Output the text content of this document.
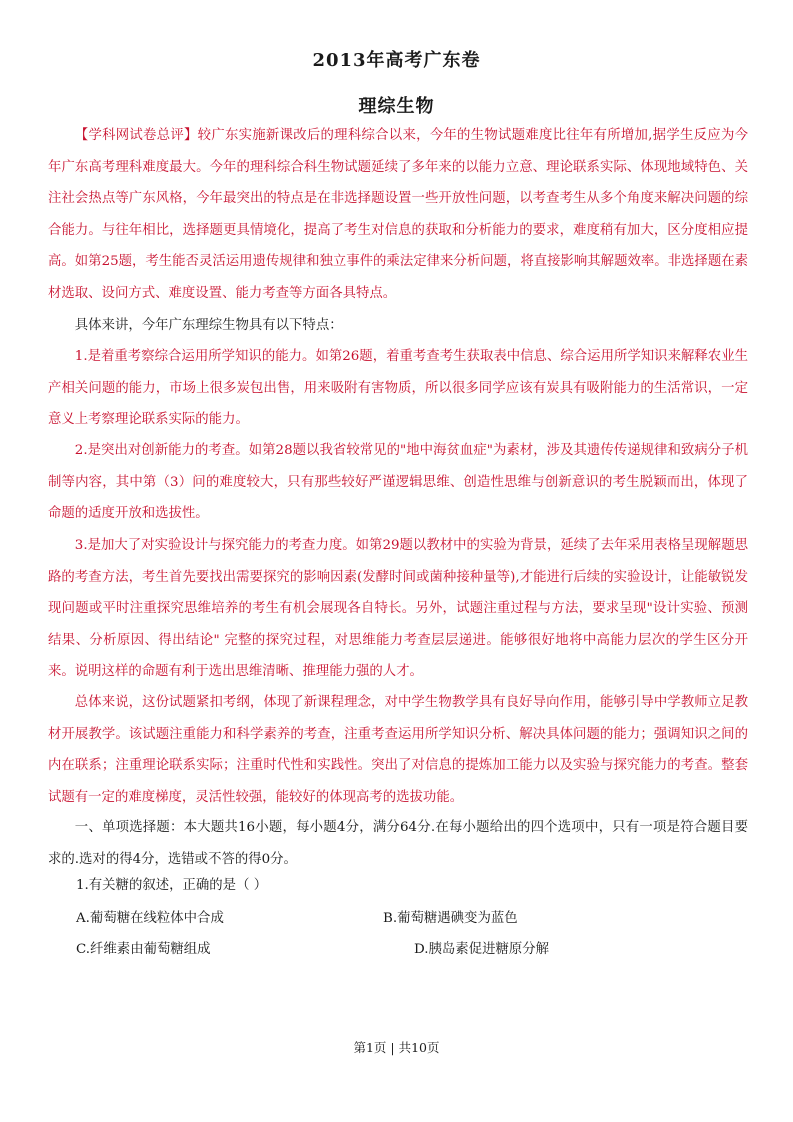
2013年高考广东卷
理综生物
【学科网试卷总评】较广东实施新课改后的理科综合以来，今年的生物试题难度比往年有所增加,据学生反应为今年广东高考理科难度最大。今年的理科综合科生物试题延续了多年来的以能力立意、理论联系实际、体现地域特色、关注社会热点等广东风格，今年最突出的特点是在非选择题设置一些开放性问题，以考查考生从多个角度来解决问题的综合能力。与往年相比，选择题更具情境化，提高了考生对信息的获取和分析能力的要求，难度稍有加大，区分度相应提高。如第25题，考生能否灵活运用遗传规律和独立事件的乘法定律来分析问题，将直接影响其解题效率。非选择题在素材选取、设问方式、难度设置、能力考查等方面各具特点。
具体来讲，今年广东理综生物具有以下特点：
1.是着重考察综合运用所学知识的能力。如第26题，着重考查考生获取表中信息、综合运用所学知识来解释农业生产相关问题的能力，市场上很多炭包出售，用来吸附有害物质，所以很多同学应该有炭具有吸附能力的生活常识，一定意义上考察理论联系实际的能力。
2.是突出对创新能力的考查。如第28题以我省较常见的"地中海贫血症"为素材，涉及其遗传传递规律和致病分子机制等内容，其中第（3）问的难度较大，只有那些较好严谨逻辑思维、创造性思维与创新意识的考生脱颖而出，体现了命题的适度开放和选拔性。
3.是加大了对实验设计与探究能力的考查力度。如第29题以教材中的实验为背景，延续了去年采用表格呈现解题思路的考查方法，考生首先要找出需要探究的影响因素(发酵时间或菌种接种量等),才能进行后续的实验设计，让能敏锐发现问题或平时注重探究思维培养的考生有机会展现各自特长。另外，试题注重过程与方法，要求呈现"设计实验、预测结果、分析原因、得出结论" 完整的探究过程，对思维能力考查层层递进。能够很好地将中高能力层次的学生区分开来。说明这样的命题有利于选出思维清晰、推理能力强的人才。
总体来说，这份试题紧扣考纲，体现了新课程理念，对中学生物教学具有良好导向作用，能够引导中学教师立足教材开展教学。该试题注重能力和科学素养的考查，注重考查运用所学知识分析、解决具体问题的能力；强调知识之间的内在联系；注重理论联系实际；注重时代性和实践性。突出了对信息的提炼加工能力以及实验与探究能力的考查。整套试题有一定的难度梯度，灵活性较强，能较好的体现高考的选拔功能。
一、单项选择题：本大题共16小题，每小题4分，满分64分.在每小题给出的四个选项中，只有一项是符合题目要求的.选对的得4分，选错或不答的得0分。
1.有关糖的叙述，正确的是（ ）
A.葡萄糖在线粒体中合成	B.葡萄糖遇碘变为蓝色
C.纤维素由葡萄糖组成	D.胰岛素促进糖原分解
第1页 | 共10页
